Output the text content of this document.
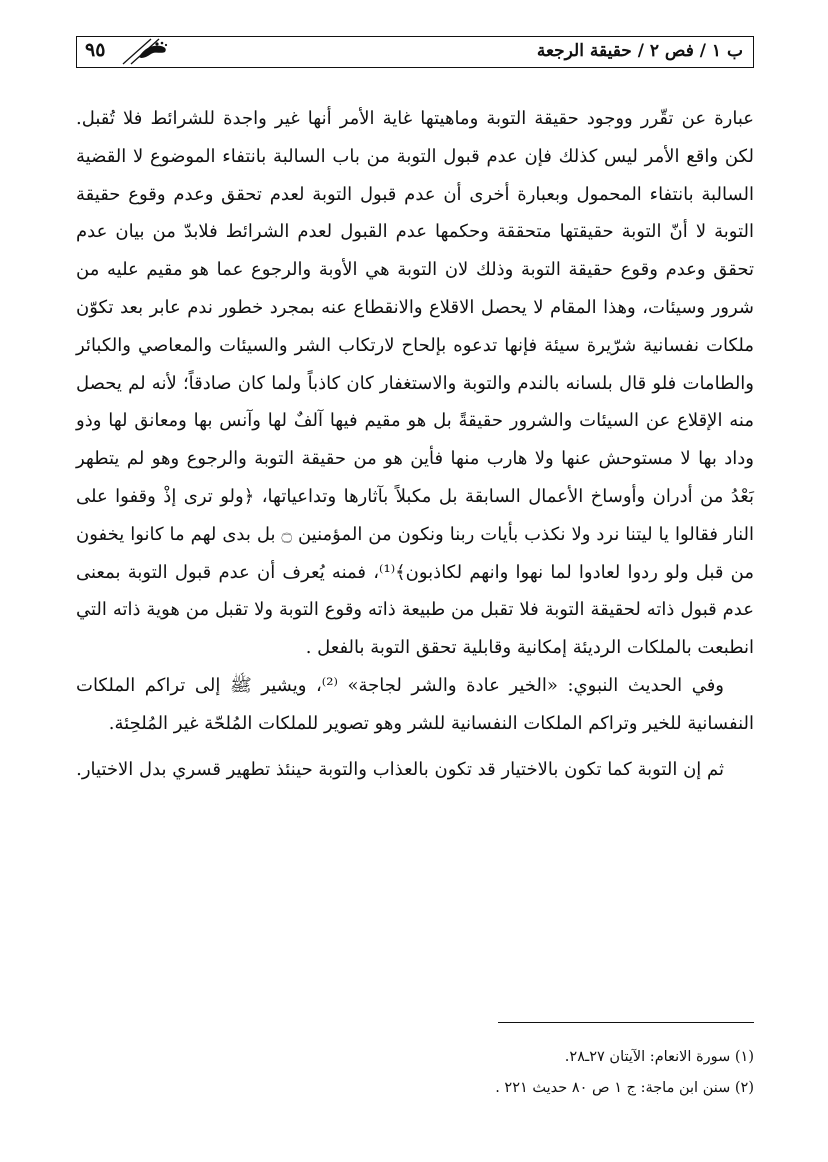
ب ١ / فص ٢ / حقيقة الرجعة
٩٥

عبارة عن تقّرر ووجود حقيقة التوبة وماهيتها غاية الأمر أنها غير واجدة للشرائط فلا تُقبل. لكن واقع الأمر ليس كذلك فإن عدم قبول التوبة من باب السالبة بانتفاء الموضوع لا القضية السالبة بانتفاء المحمول وبعبارة أخرى أن عدم قبول التوبة لعدم تحقق وعدم وقوع حقيقة التوبة لا أنّ التوبة حقيقتها متحققة وحكمها عدم القبول لعدم الشرائط فلابدّ من بيان عدم تحقق وعدم وقوع حقيقة التوبة وذلك لان التوبة هي الأوبة والرجوع عما هو مقيم عليه من شرور وسيئات، وهذا المقام لا يحصل الاقلاع والانقطاع عنه بمجرد خطور ندم عابر بعد تكوّن ملكات نفسانية شرّيرة سيئة فإنها تدعوه بإلحاح لارتكاب الشر والسيئات والمعاصي والكبائر والطامات فلو قال بلسانه بالندم والتوبة والاستغفار كان كاذباً ولما كان صادقاً؛ لأنه لم يحصل منه الإقلاع عن السيئات والشرور حقيقةً بل هو مقيم فيها آلفٌ لها وآنس بها ومعانق لها وذو وداد بها لا مستوحش عنها ولا هارب منها فأين هو من حقيقة التوبة والرجوع وهو لم يتطهر بَعْدُ من أدران وأوساخ الأعمال السابقة بل مكبلاً بآثارها وتداعياتها، ﴿ولو ترى إذْ وقفوا على النار فقالوا يا ليتنا نرد ولا نكذب بأيات ربنا ونكون من المؤمنين ۝ بل بدى لهم ما كانوا يخفون من قبل ولو ردوا لعادوا لما نهوا وانهم لكاذبون﴾⁽¹⁾، فمنه يُعرف أن عدم قبول التوبة بمعنى عدم قبول ذاته لحقيقة التوبة فلا تقبل من طبيعة ذاته وقوع التوبة ولا تقبل من هوية ذاته التي انطبعت بالملكات الرديئة إمكانية وقابلية تحقق التوبة بالفعل .

وفي الحديث النبوي: «الخير عادة والشر لجاجة» ⁽²⁾، ويشير ﷺ إلى تراكم الملكات النفسانية للخير وتراكم الملكات النفسانية للشر وهو تصوير للملكات المُلحّة غير المُلحِئة.

ثم إن التوبة كما تكون بالاختيار قد تكون بالعذاب والتوبة حينئذ تطهير قسري بدل الاختيار.

(١) سورة الانعام: الآيتان ٢٧ـ٢٨.

(٢) سنن ابن ماجة: ج ١ ص ٨٠ حديث ٢٢١ .
